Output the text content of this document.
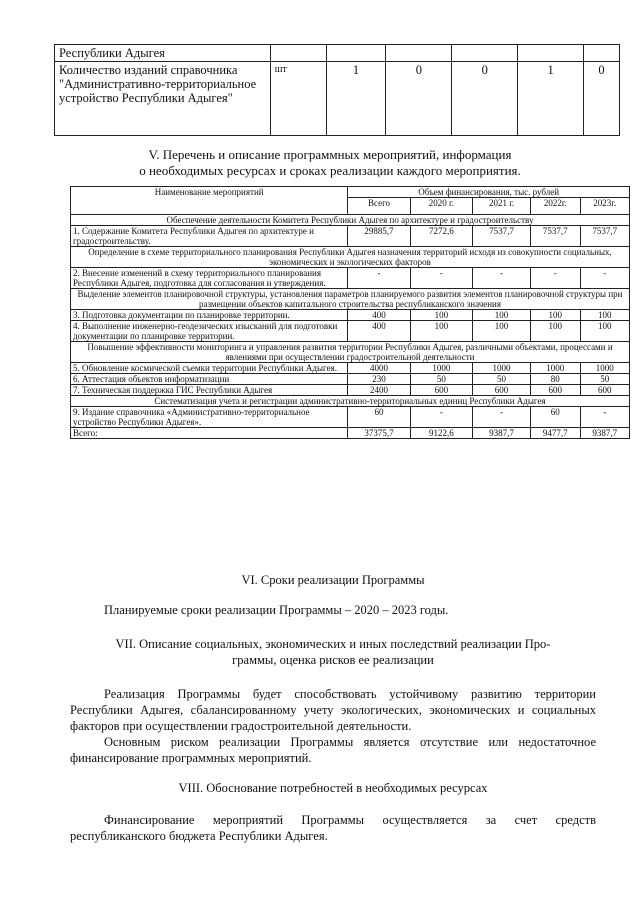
Республики Адыгея						
Количество изданий справочника "Административно-территориальное устройство Республики Адыгея"	шт	1	0	0	1	0
V. Перечень и описание программных мероприятий, информация
о необходимых ресурсах и сроках реализации каждого мероприятия.
Наименование мероприятий	Объем финансирования, тыс. рублей				
	Всего	2020 г.	2021 г.	2022г.	2023г.
Обеспечение деятельности Комитета Республики Адыгея по архитектуре и градостроительству					
1. Содержание Комитета Республики Адыгея по архитектуре и градостроительству.	29885,7	7272,6	7537,7	7537,7	7537,7
Определение в схеме территориального планирования Республики Адыгея назначения территорий исходя из совокупности социальных, экономических и экологических факторов					
2. Внесение изменений в схему территориального планирования Республики Адыгея, подготовка для согласования и утверждения.	-	-	-	-	-
Выделение элементов планировочной структуры, установления параметров планируемого развития элементов планировочной структуры при размещении объектов капитального строительства республиканского значения					
3. Подготовка документации по планировке территории.	400	100	100	100	100
4. Выполнение инженерно-геодезических изысканий для подготовки документации по планировке территории.	400	100	100	100	100
Повышение эффективности мониторинга и управления развития территории Республики Адыгея, различными объектами, процессами и явлениями при осуществлении градостроительной деятельности					
5. Обновление космической съемки территории Республики Адыгея.	4000	1000	1000	1000	1000
6. Аттестация объектов информатизации	230	50	50	80	50
7. Техническая поддержка ГИС Республики Адыгея	2400	600	600	600	600
Систематизация учета и регистрации административно-территориальных единиц Республики Адыгея					
9. Издание справочника «Административно-территориальное устройство Республики Адыгея».	60	-	-	60	-
Всего:	37375,7	9122,6	9387,7	9477,7	9387,7
VI. Сроки реализации Программы
Планируемые сроки реализации Программы – 2020 – 2023 годы.
VII. Описание социальных, экономических и иных последствий реализации Про-
граммы, оценка рисков ее реализации
Реализация Программы будет способствовать устойчивому развитию территории Республики Адыгея, сбалансированному учету экологических, экономических и социальных факторов при осуществлении градостроительной деятельности.
Основным риском реализации Программы является отсутствие или недостаточное финансирование программных мероприятий.
VIII. Обоснование потребностей в необходимых ресурсах
Финансирование мероприятий Программы осуществляется за счет средств республиканского бюджета Республики Адыгея.
